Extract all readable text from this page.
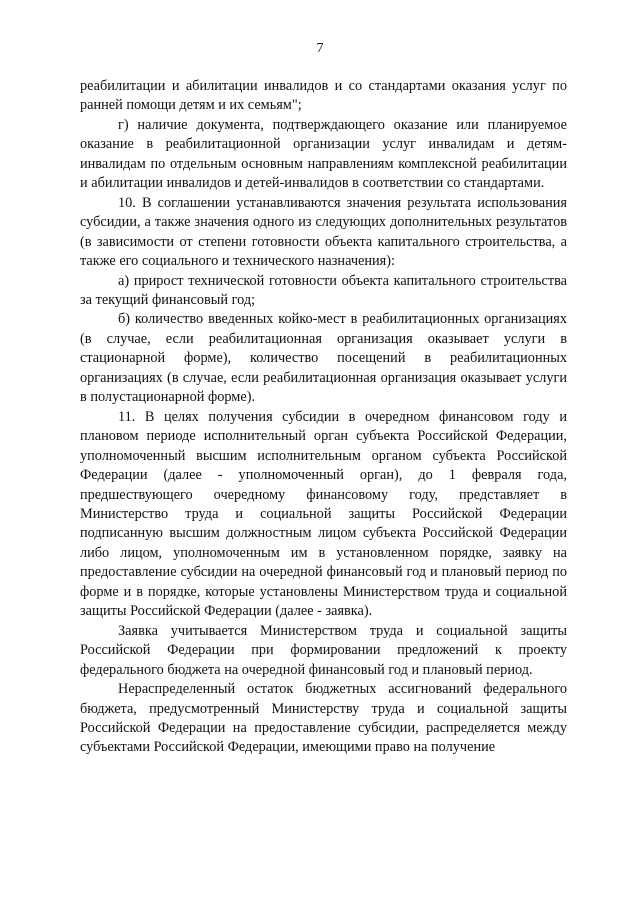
7

реабилитации и абилитации инвалидов и со стандартами оказания услуг по ранней помощи детям и их семьям";

г) наличие документа, подтверждающего оказание или планируемое оказание в реабилитационной организации услуг инвалидам и детям-инвалидам по отдельным основным направлениям комплексной реабилитации и абилитации инвалидов и детей-инвалидов в соответствии со стандартами.

10. В соглашении устанавливаются значения результата использования субсидии, а также значения одного из следующих дополнительных результатов (в зависимости от степени готовности объекта капитального строительства, а также его социального и технического назначения):

а) прирост технической готовности объекта капитального строительства за текущий финансовый год;

б) количество введенных койко-мест в реабилитационных организациях (в случае, если реабилитационная организация оказывает услуги в стационарной форме), количество посещений в реабилитационных организациях (в случае, если реабилитационная организация оказывает услуги в полустационарной форме).

11. В целях получения субсидии в очередном финансовом году и плановом периоде исполнительный орган субъекта Российской Федерации, уполномоченный высшим исполнительным органом субъекта Российской Федерации (далее - уполномоченный орган), до 1 февраля года, предшествующего очередному финансовому году, представляет в Министерство труда и социальной защиты Российской Федерации подписанную высшим должностным лицом субъекта Российской Федерации либо лицом, уполномоченным им в установленном порядке, заявку на предоставление субсидии на очередной финансовый год и плановый период по форме и в порядке, которые установлены Министерством труда и социальной защиты Российской Федерации (далее - заявка).

Заявка учитывается Министерством труда и социальной защиты Российской Федерации при формировании предложений к проекту федерального бюджета на очередной финансовый год и плановый период.

Нераспределенный остаток бюджетных ассигнований федерального бюджета, предусмотренный Министерству труда и социальной защиты Российской Федерации на предоставление субсидии, распределяется между субъектами Российской Федерации, имеющими право на получение
